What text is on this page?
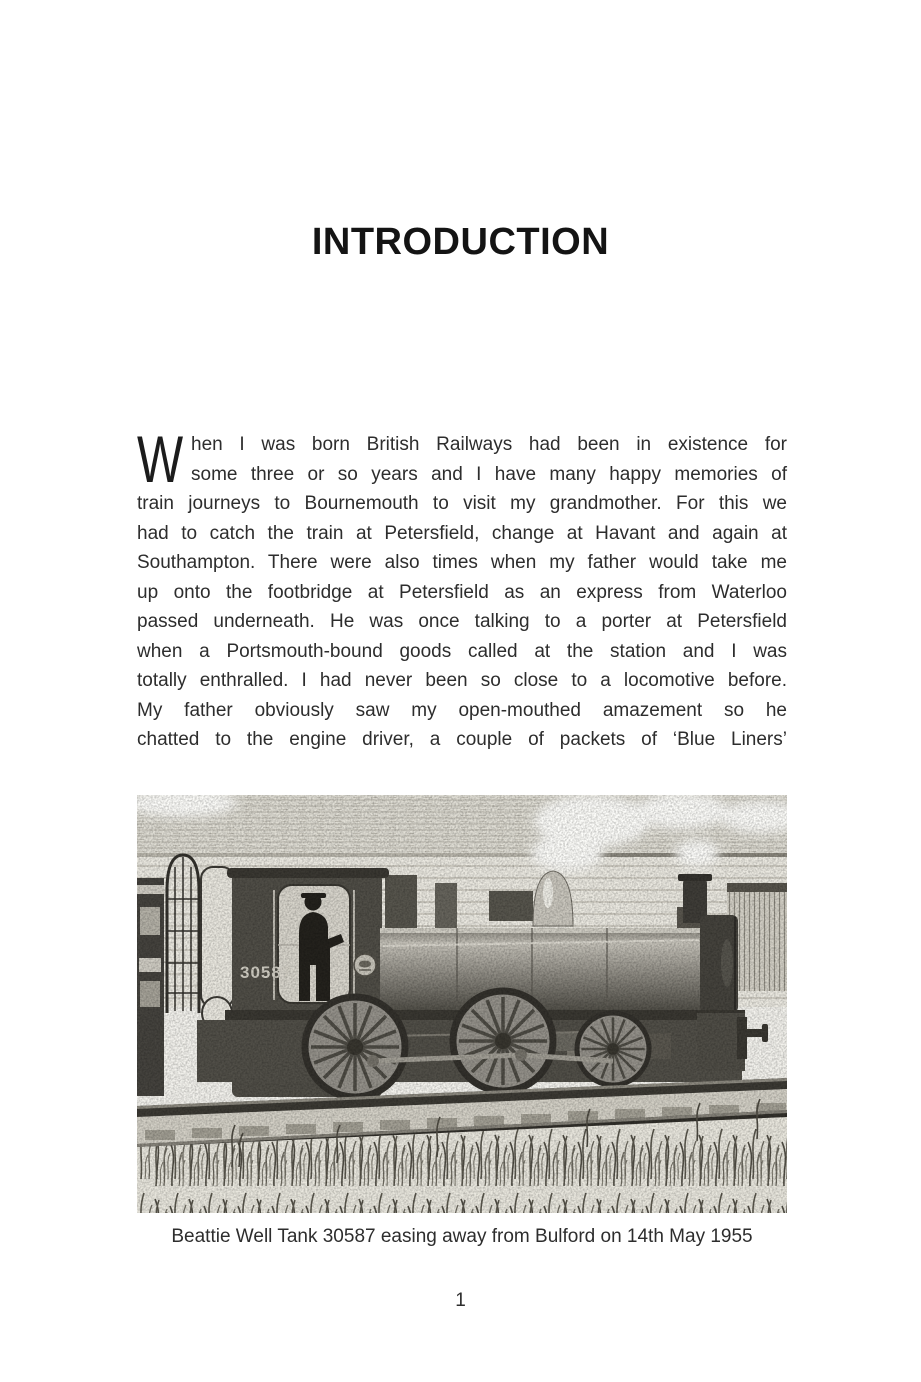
INTRODUCTION
W hen I was born British Railways had been in existence for
some three or so years and I have many happy memories of
train journeys to Bournemouth to visit my grandmother. For this we
had to catch the train at Petersfield, change at Havant and again at
Southampton. There were also times when my father would take me
up onto the footbridge at Petersfield as an express from Waterloo
passed underneath. He was once talking to a porter at Petersfield
when a Portsmouth-bound goods called at the station and I was
totally enthralled. I had never been so close to a locomotive before.
My father obviously saw my open-mouthed amazement so he
chatted to the engine driver, a couple of packets of ‘Blue Liners’
30587
Beattie Well Tank 30587 easing away from Bulford on 14th May 1955
1
